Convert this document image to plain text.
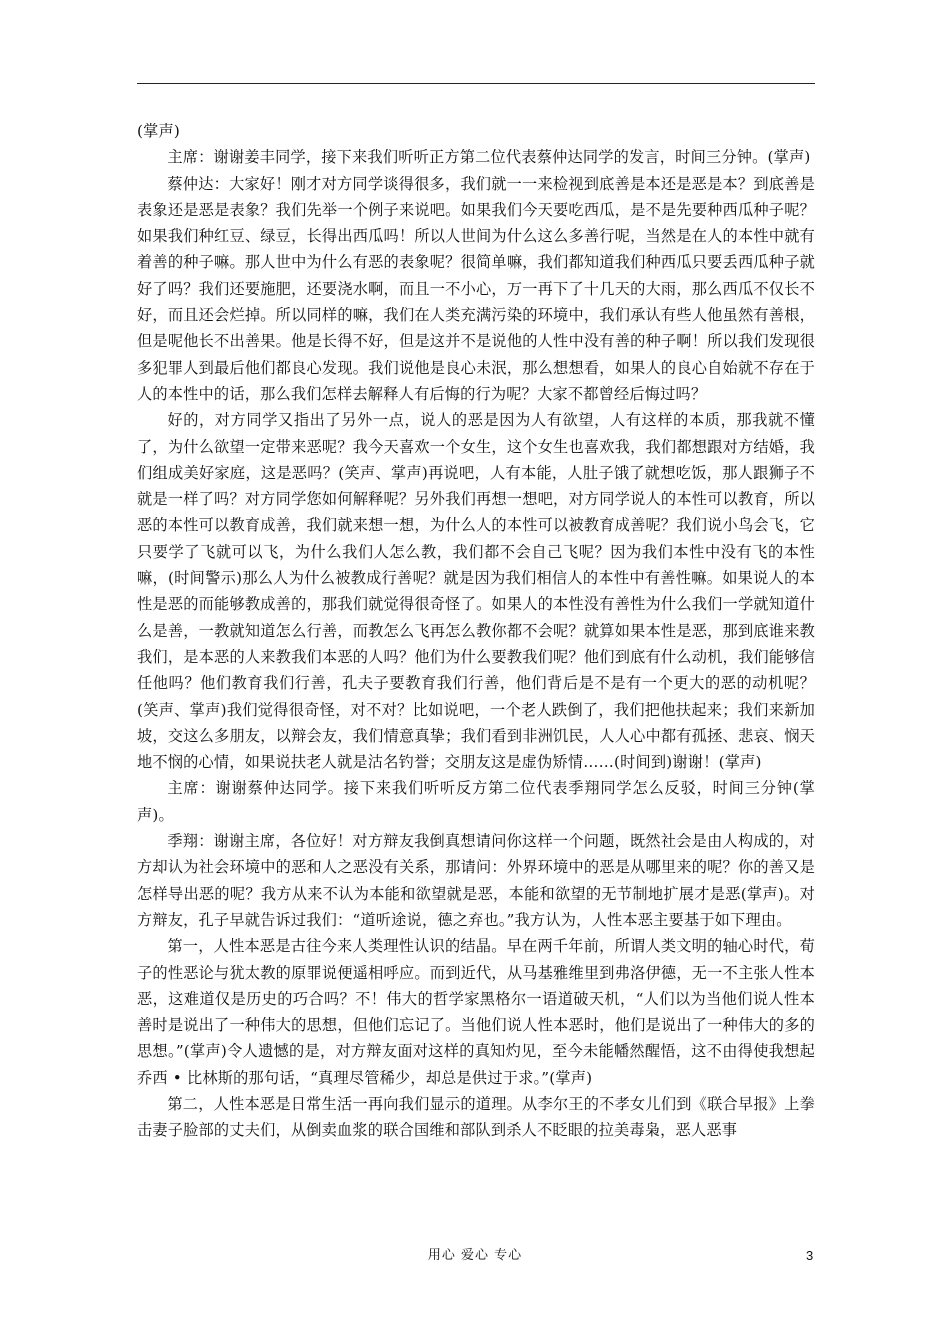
(掌声)

主席：谢谢姜丰同学，接下来我们听听正方第二位代表蔡仲达同学的发言，时间三分钟。(掌声)

蔡仲达：大家好！刚才对方同学谈得很多，我们就一一来检视到底善是本还是恶是本？到底善是表象还是恶是表象？我们先举一个例子来说吧。如果我们今天要吃西瓜，是不是先要种西瓜种子呢？如果我们种红豆、绿豆，长得出西瓜吗！所以人世间为什么这么多善行呢，当然是在人的本性中就有着善的种子嘛。那人世中为什么有恶的表象呢？很简单嘛，我们都知道我们种西瓜只要丢西瓜种子就好了吗？我们还要施肥，还要浇水啊，而且一不小心，万一再下了十几天的大雨，那么西瓜不仅长不好，而且还会烂掉。所以同样的嘛，我们在人类充满污染的环境中，我们承认有些人他虽然有善根，但是呢他长不出善果。他是长得不好，但是这并不是说他的人性中没有善的种子啊！所以我们发现很多犯罪人到最后他们都良心发现。我们说他是良心未泯，那么想想看，如果人的良心自始就不存在于人的本性中的话，那么我们怎样去解释人有后悔的行为呢？大家不都曾经后悔过吗？

好的，对方同学又指出了另外一点，说人的恶是因为人有欲望，人有这样的本质，那我就不懂了，为什么欲望一定带来恶呢？我今天喜欢一个女生，这个女生也喜欢我，我们都想跟对方结婚，我们组成美好家庭，这是恶吗？(笑声、掌声)再说吧，人有本能，人肚子饿了就想吃饭，那人跟狮子不就是一样了吗？对方同学您如何解释呢？另外我们再想一想吧，对方同学说人的本性可以教育，所以恶的本性可以教育成善，我们就来想一想，为什么人的本性可以被教育成善呢？我们说小鸟会飞，它只要学了飞就可以飞，为什么我们人怎么教，我们都不会自己飞呢？因为我们本性中没有飞的本性嘛，(时间警示)那么人为什么被教成行善呢？就是因为我们相信人的本性中有善性嘛。如果说人的本性是恶的而能够教成善的，那我们就觉得很奇怪了。如果人的本性没有善性为什么我们一学就知道什么是善，一教就知道怎么行善，而教怎么飞再怎么教你都不会呢？就算如果本性是恶，那到底谁来教我们，是本恶的人来教我们本恶的人吗？他们为什么要教我们呢？他们到底有什么动机，我们能够信任他吗？他们教育我们行善，孔夫子要教育我们行善，他们背后是不是有一个更大的恶的动机呢？(笑声、掌声)我们觉得很奇怪，对不对？比如说吧，一个老人跌倒了，我们把他扶起来；我们来新加坡，交这么多朋友，以辩会友，我们情意真挚；我们看到非洲饥民，人人心中都有孤拯、悲哀、悯天地不悯的心情，如果说扶老人就是沽名钓誉；交朋友这是虚伪矫情……(时间到)谢谢！(掌声)

主席：谢谢蔡仲达同学。接下来我们听听反方第二位代表季翔同学怎么反驳，时间三分钟(掌声)。

季翔：谢谢主席，各位好！对方辩友我倒真想请问你这样一个问题，既然社会是由人构成的，对方却认为社会环境中的恶和人之恶没有关系，那请问：外界环境中的恶是从哪里来的呢？你的善又是怎样导出恶的呢？我方从来不认为本能和欲望就是恶，本能和欲望的无节制地扩展才是恶(掌声)。对方辩友，孔子早就告诉过我们：“道听途说，德之弃也。”我方认为，人性本恶主要基于如下理由。

第一，人性本恶是古往今来人类理性认识的结晶。早在两千年前，所谓人类文明的轴心时代，荀子的性恶论与犹太教的原罪说便遥相呼应。而到近代，从马基雅维里到弗洛伊德，无一不主张人性本恶，这难道仅是历史的巧合吗？不！伟大的哲学家黑格尔一语道破天机，“人们以为当他们说人性本善时是说出了一种伟大的思想，但他们忘记了。当他们说人性本恶时，他们是说出了一种伟大的多的思想。”(掌声)令人遗憾的是，对方辩友面对这样的真知灼见，至今未能幡然醒悟，这不由得使我想起乔西 • 比林斯的那句话，“真理尽管稀少，却总是供过于求。”(掌声)

第二，人性本恶是日常生活一再向我们显示的道理。从李尔王的不孝女儿们到《联合早报》上拳击妻子脸部的丈夫们，从倒卖血浆的联合国维和部队到杀人不眨眼的拉美毒枭，恶人恶事

用心 爱心 专心	3
